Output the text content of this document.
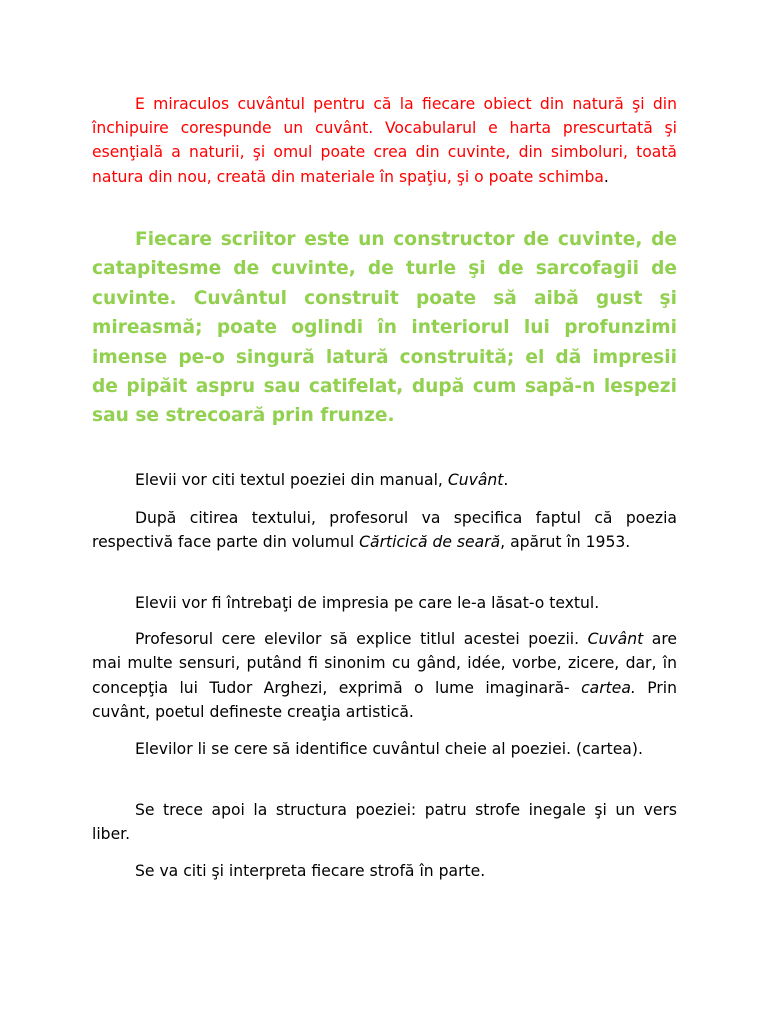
E miraculos cuvântul pentru că la fiecare obiect din natură şi din închipuire corespunde un cuvânt. Vocabularul e harta prescurtată şi esenţială a naturii, şi omul poate crea din cuvinte, din simboluri, toată natura din nou, creată din materiale în spaţiu, şi o poate schimba.

Fiecare scriitor este un constructor de cuvinte, de catapitesme de cuvinte, de turle şi de sarcofagii de cuvinte. Cuvântul construit poate să aibă gust şi mireasmă; poate oglindi în interiorul lui profunzimi imense pe-o singură latură construită; el dă impresii de pipăit aspru sau catifelat, după cum sapă-n lespezi sau se strecoară prin frunze.

Elevii vor citi textul poeziei din manual, Cuvânt.

După citirea textului, profesorul va specifica faptul că poezia respectivă face parte din volumul Cărticică de seară, apărut în 1953.

Elevii vor fi întrebaţi de impresia pe care le-a lăsat-o textul.

Profesorul cere elevilor să explice titlul acestei poezii. Cuvânt are mai multe sensuri, putând fi sinonim cu gând, idée, vorbe, zicere, dar, în concepţia lui Tudor Arghezi, exprimă o lume imaginară- cartea. Prin cuvânt, poetul defineste creaţia artistică.

Elevilor li se cere să identifice cuvântul cheie al poeziei. (cartea).

Se trece apoi la structura poeziei: patru strofe inegale şi un vers liber.

Se va citi şi interpreta fiecare strofă în parte.
